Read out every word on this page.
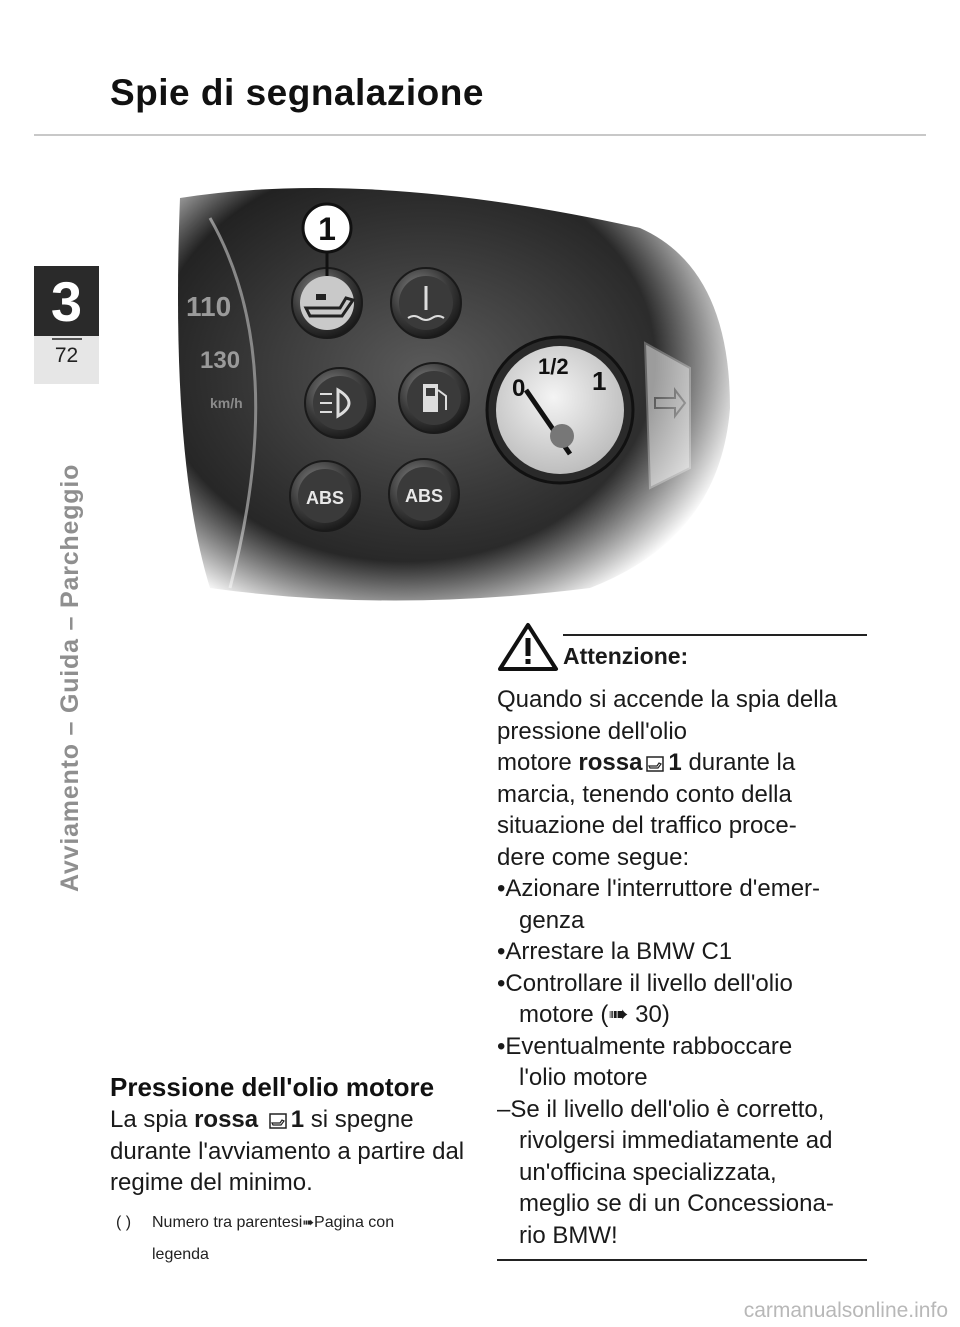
Spie di segnalazione
3
72
Avviamento – Guida – Parcheggio
1
Pressione dell'olio motore
La spia rossa 1 si spegne durante l'avviamento a partire dal regime del minimo.
( ) Numero tra parentesi➠Pagina con
legenda
Attenzione:
Quando si accende la spia della
pressione dell'olio
motore rossa 1 durante la
marcia, tenendo conto della
situazione del traffico proce-
dere come segue:
•Azionare l'interruttore d'emer-
genza
•Arrestare la BMW C1
•Controllare il livello dell'olio
motore (➠ 30)
•Eventualmente rabboccare
l'olio motore
–Se il livello dell'olio è corretto,
rivolgersi immediatamente ad
un'officina specializzata,
meglio se di un Concessiona-
rio BMW!
carmanualsonline.info
